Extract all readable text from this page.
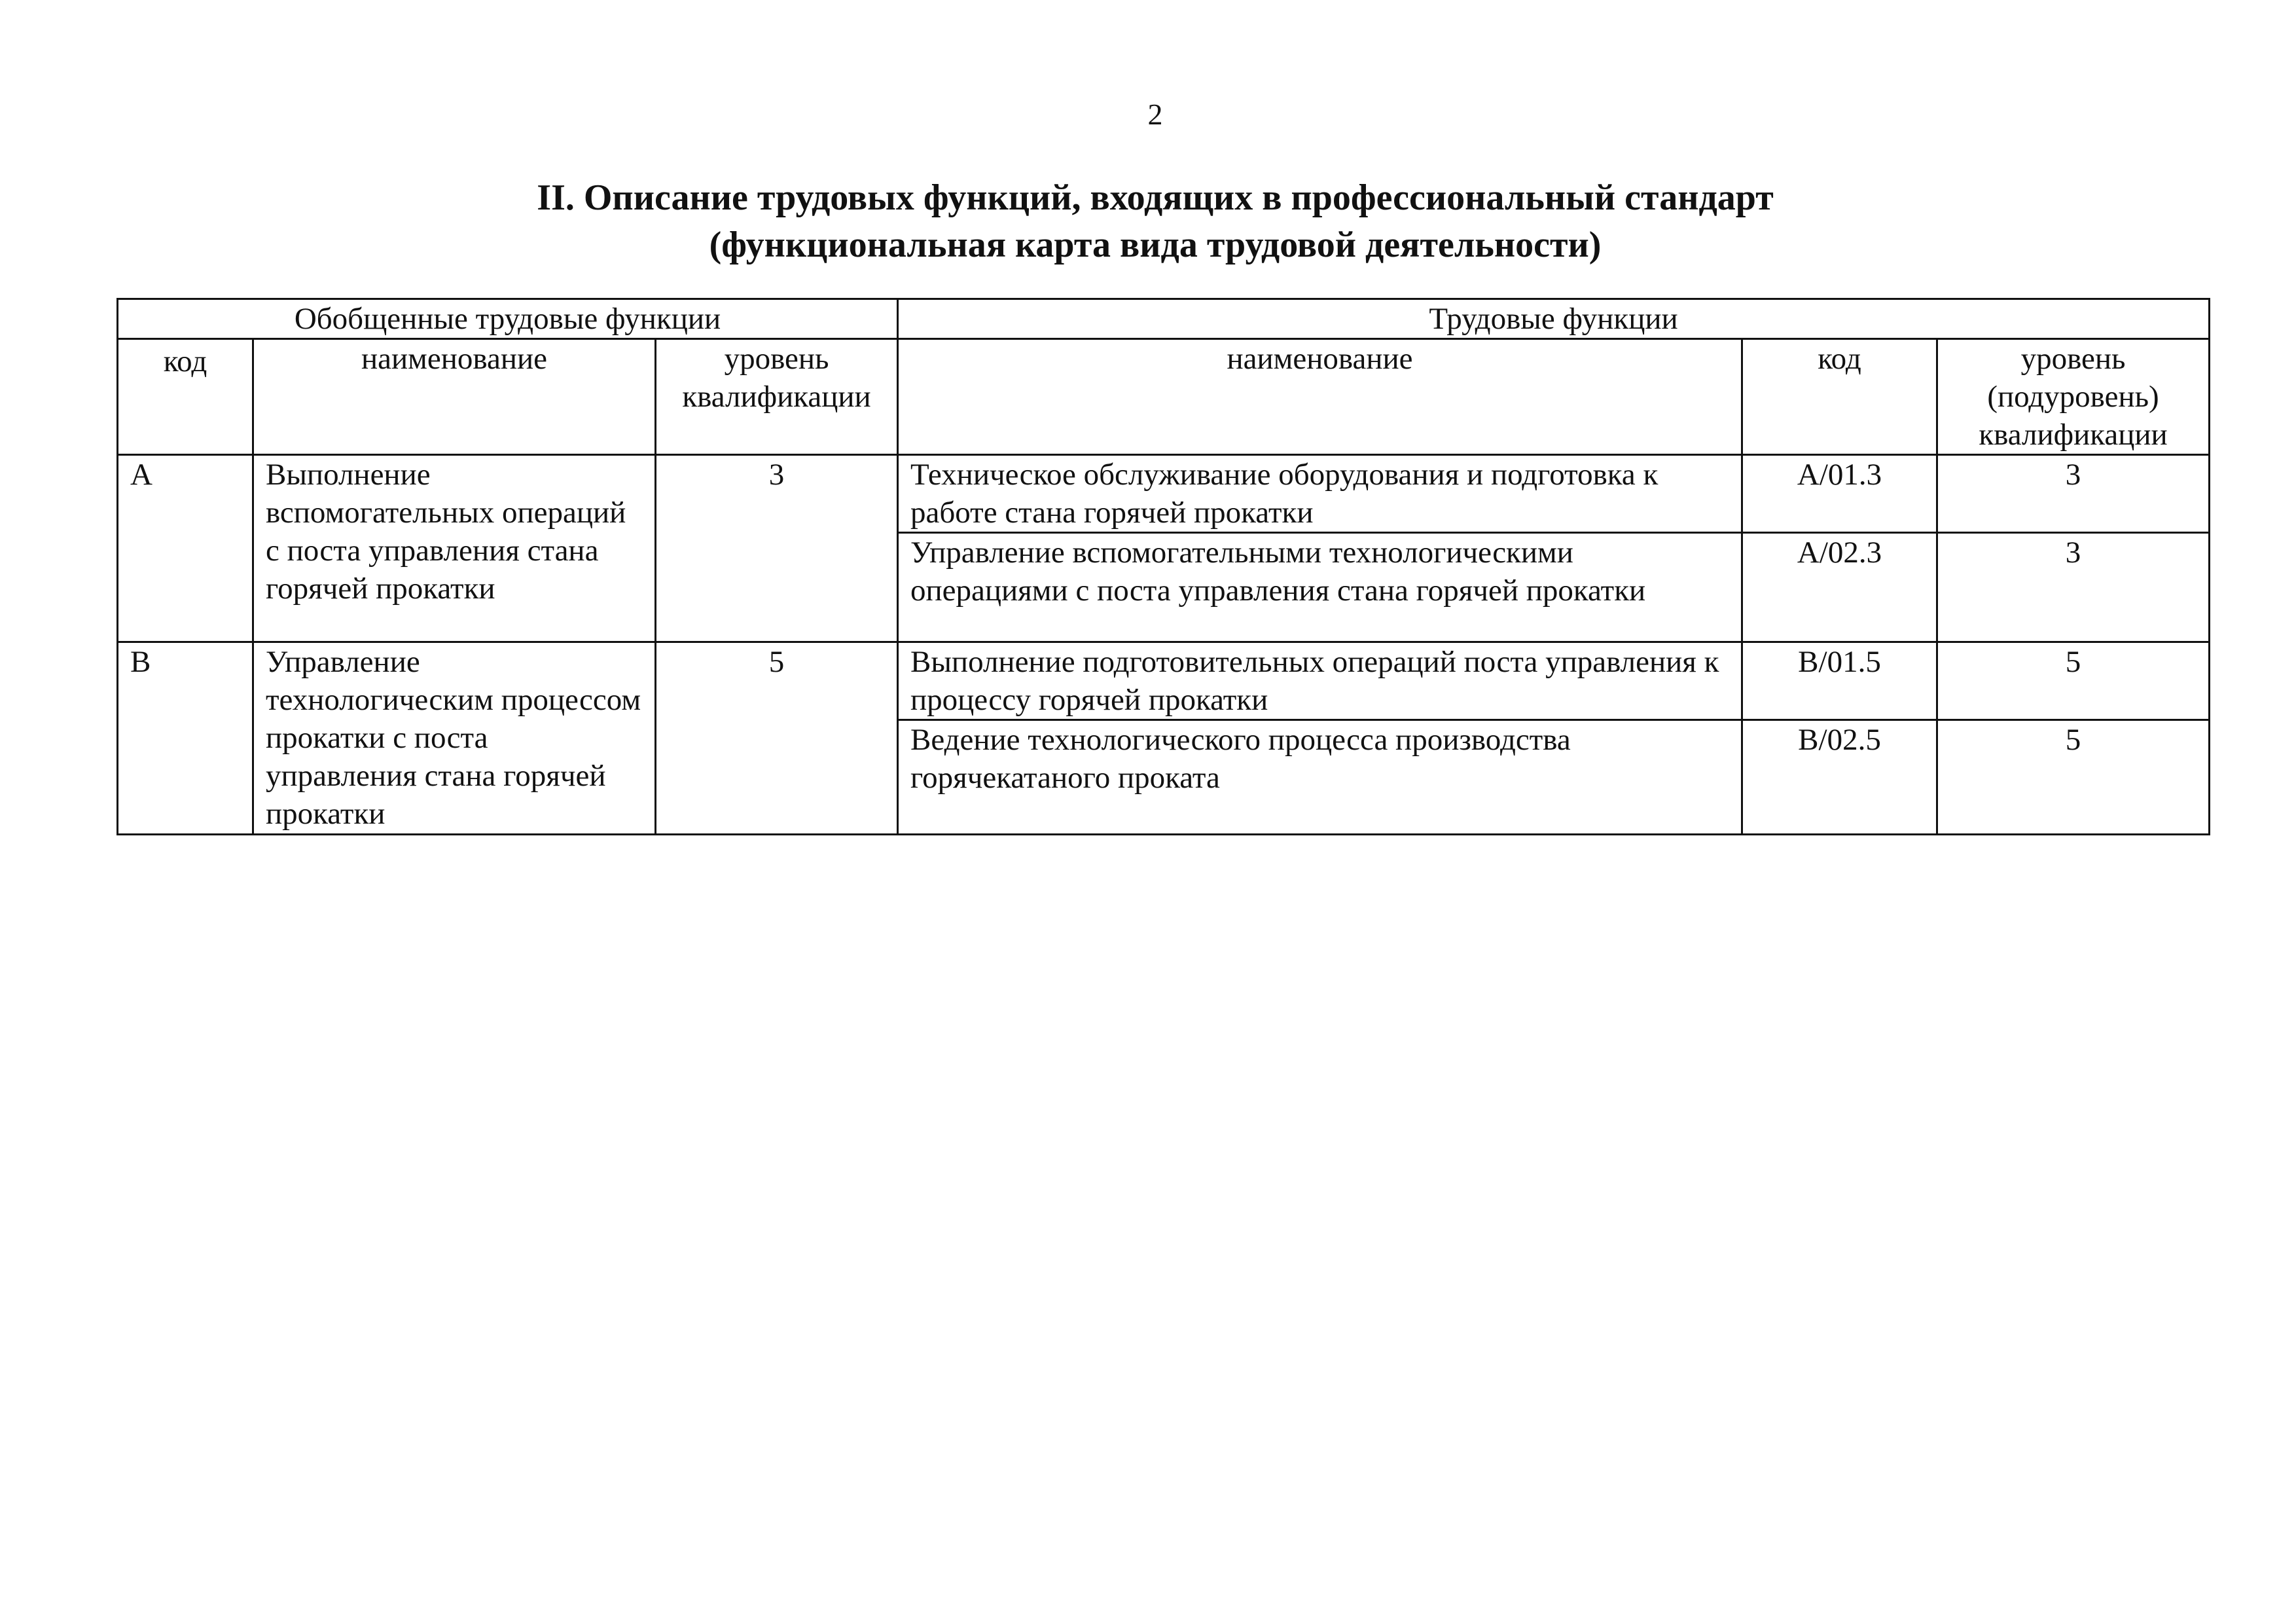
2
II. Описание трудовых функций, входящих в профессиональный стандарт
(функциональная карта вида трудовой деятельности)
Обобщенные трудовые функции			Трудовые функции		
код	наименование	уровень квалификации	наименование	код	уровень (подуровень) квалификации
A	Выполнение вспомогательных операций с поста управления стана горячей прокатки	3	Техническое обслуживание оборудования и подготовка к работе стана горячей прокатки	A/01.3	3
			Управление вспомогательными технологическими операциями с поста управления стана горячей прокатки	A/02.3	3
B	Управление технологическим процессом прокатки с поста управления стана горячей прокатки	5	Выполнение подготовительных операций поста управления к процессу горячей прокатки	B/01.5	5
			Ведение технологического процесса производства горячекатаного проката	B/02.5	5
